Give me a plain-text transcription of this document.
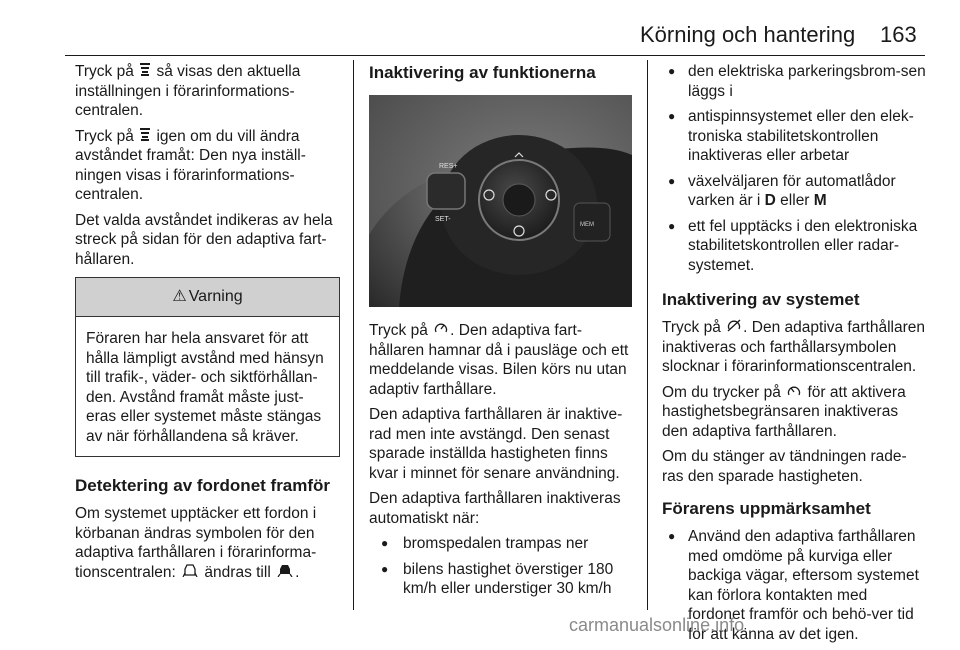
Körning och hantering 163

Tryck på  så visas den aktuella inställningen i förarinformations-centralen.

Tryck på  igen om du vill ändra avståndet framåt: Den nya inställ-ningen visas i förarinformations-centralen.

Det valda avståndet indikeras av hela streck på sidan för den adaptiva fart-hållaren.

⚠ Varning
Föraren har hela ansvaret för att hålla lämpligt avstånd med hänsyn till trafik-, väder- och siktförhållan-den. Avstånd framåt måste just-eras eller systemet måste stängas av när förhållandena så kräver.
Detektering av fordonet framför

Om systemet upptäcker ett fordon i körbanan ändras symbolen för den adaptiva farthållaren i förarinforma-tionscentralen:  ändras till .

Inaktivering av funktionerna
RES+
SET-
MEM

Tryck på . Den adaptiva fart-hållaren hamnar då i pausläge och ett meddelande visas. Bilen körs nu utan adaptiv farthållare.

Den adaptiva farthållaren är inaktive-rad men inte avstängd. Den senast sparade inställda hastigheten finns kvar i minnet för senare användning.

Den adaptiva farthållaren inaktiveras automatiskt när:

● bromspedalen trampas ner
● bilens hastighet överstiger 180 km/h eller understiger 30 km/h
● den elektriska parkeringsbrom-sen läggs i
● antispinnsystemet eller den elek-troniska stabilitetskontrollen inaktiveras eller arbetar
● växelväljaren för automatlådor varken är i D eller M
● ett fel upptäcks i den elektroniska stabilitetskontrollen eller radar-systemet.
Inaktivering av systemet

Tryck på . Den adaptiva farthållaren inaktiveras och farthållarsymbolen slocknar i förarinformationscentralen.

Om du trycker på  för att aktivera hastighetsbegränsaren inaktiveras den adaptiva farthållaren.

Om du stänger av tändningen rade-ras den sparade hastigheten.

Förarens uppmärksamhet
● Använd den adaptiva farthållaren med omdöme på kurviga eller backiga vägar, eftersom systemet kan förlora kontakten med fordonet framför och behö-ver tid för att känna av det igen.
carmanualsonline.info
